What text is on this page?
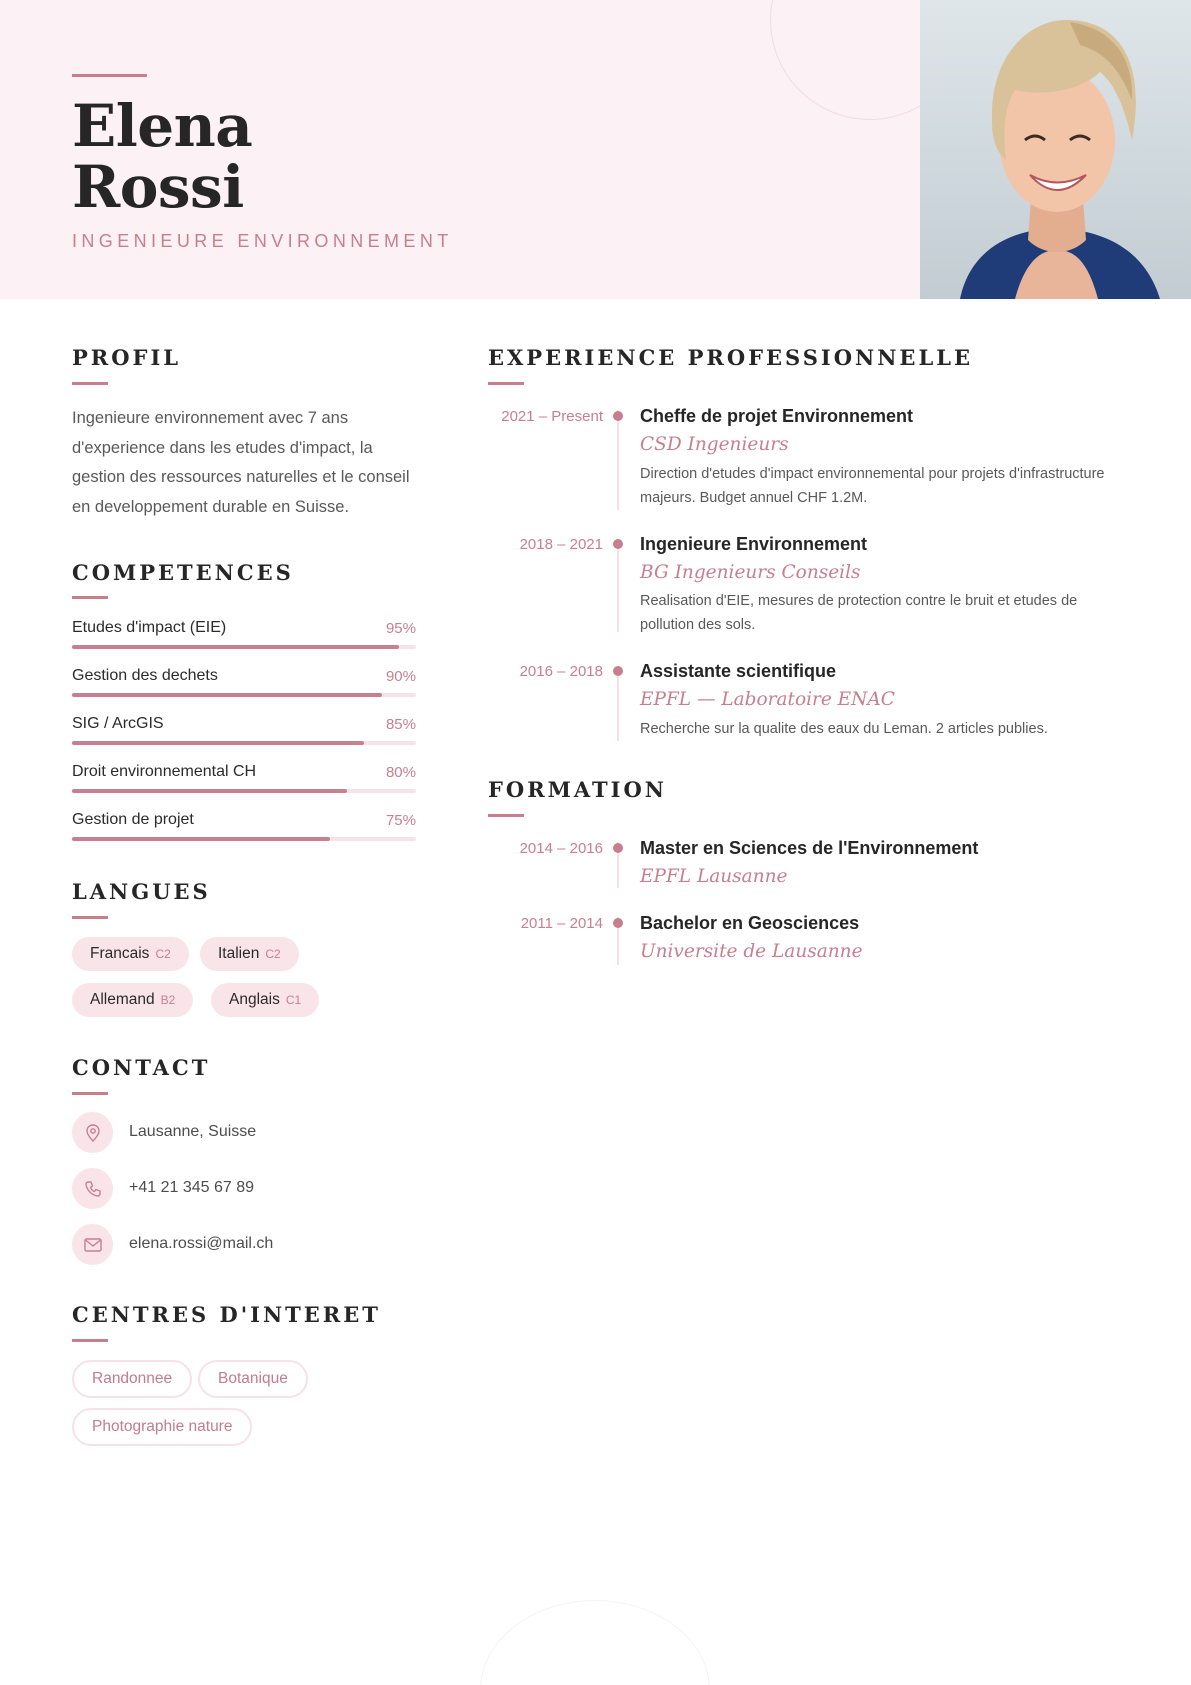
Elena
Rossi
INGENIEURE ENVIRONNEMENT
PROFIL
Ingenieure environnement avec 7 ans d'experience dans les etudes d'impact, la gestion des ressources naturelles et le conseil en developpement durable en Suisse.
COMPETENCES
Etudes d'impact (EIE)	95%
Gestion des dechets	90%
SIG / ArcGIS	85%
Droit environnemental CH	80%
Gestion de projet	75%
LANGUES
Francais C2	Italien C2
Allemand B2	Anglais C1
CONTACT
Lausanne, Suisse
+41 21 345 67 89
elena.rossi@mail.ch
CENTRES D'INTERET
Randonnee	Botanique
Photographie nature
EXPERIENCE PROFESSIONNELLE
2021 – Present Cheffe de projet Environnement
CSD Ingenieurs
Direction d'etudes d'impact environnemental pour projets d'infrastructure majeurs. Budget annuel CHF 1.2M.
2018 – 2021 Ingenieure Environnement
BG Ingenieurs Conseils
Realisation d'EIE, mesures de protection contre le bruit et etudes de pollution des sols.
2016 – 2018 Assistante scientifique
EPFL — Laboratoire ENAC
Recherche sur la qualite des eaux du Leman. 2 articles publies.
FORMATION
2014 – 2016 Master en Sciences de l'Environnement
EPFL Lausanne
2011 – 2014 Bachelor en Geosciences
Universite de Lausanne
